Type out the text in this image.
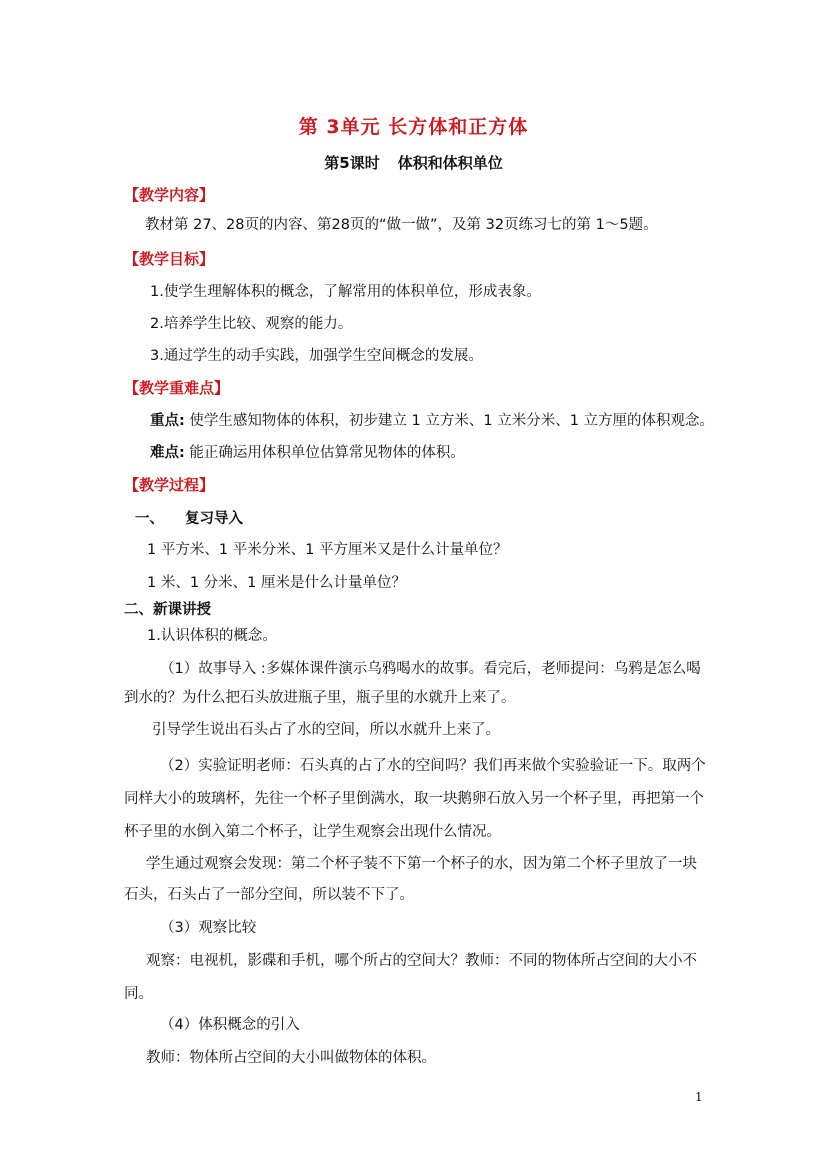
第 3单元 长方体和正方体
第5课时 体积和体积单位
【教学内容】
教材第 27、28页的内容、第28页的“做一做”，及第 32页练习七的第 1～5题。
【教学目标】
1.使学生理解体积的概念，了解常用的体积单位，形成表象。
2.培养学生比较、观察的能力。
3.通过学生的动手实践，加强学生空间概念的发展。
【教学重难点】
重点: 使学生感知物体的体积，初步建立 1 立方米、1 立米分米、1 立方厘的体积观念。
难点: 能正确运用体积单位估算常见物体的体积。
【教学过程】
一、 复习导入
1 平方米、1 平米分米、1 平方厘米又是什么计量单位？
1 米、1 分米、1 厘米是什么计量单位？
二、新课讲授
1.认识体积的概念。
（1）故事导入 :多媒体课件演示乌鸦喝水的故事。看完后，老师提问：乌鸦是怎么喝
到水的？为什么把石头放进瓶子里，瓶子里的水就升上来了。
引导学生说出石头占了水的空间，所以水就升上来了。
（2）实验证明老师：石头真的占了水的空间吗？我们再来做个实验验证一下。取两个
同样大小的玻璃杯，先往一个杯子里倒满水，取一块鹅卵石放入另一个杯子里，再把第一个
杯子里的水倒入第二个杯子，让学生观察会出现什么情况。
学生通过观察会发现：第二个杯子装不下第一个杯子的水，因为第二个杯子里放了一块
石头，石头占了一部分空间，所以装不下了。
（3）观察比较
观察：电视机，影碟和手机，哪个所占的空间大？教师：不同的物体所占空间的大小不
同。
（4）体积概念的引入
教师：物体所占空间的大小叫做物体的体积。
1
